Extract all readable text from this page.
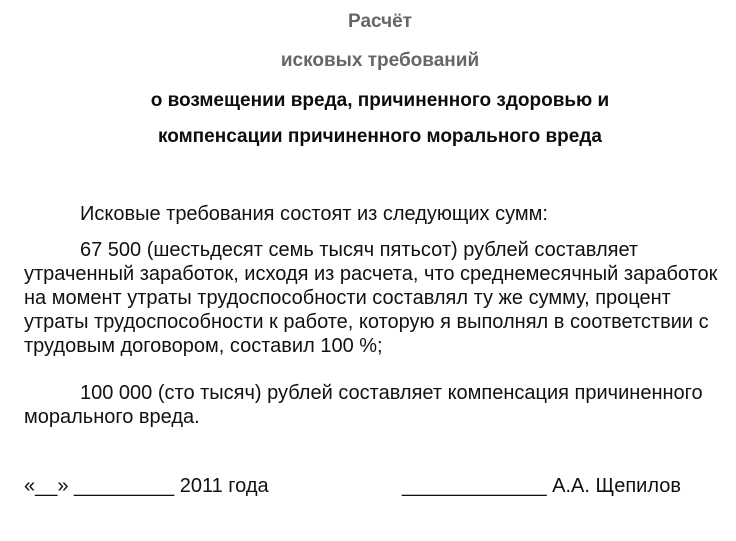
Расчёт
исковых требований
о возмещении вреда, причиненного здоровью и
компенсации причиненного морального вреда
Исковые требования состоят из следующих сумм:
67 500 (шестьдесят семь тысяч пятьсот) рублей составляет утраченный заработок, исходя из расчета, что среднемесячный заработок на момент утраты трудоспособности составлял ту же сумму, процент утраты трудоспособности к работе, которую я выполнял в соответствии с трудовым договором, составил 100 %;
100 000 (сто тысяч) рублей составляет компенсация причиненного морального вреда.
«__» _________ 2011 года	_____________ А.А. Щепилов
